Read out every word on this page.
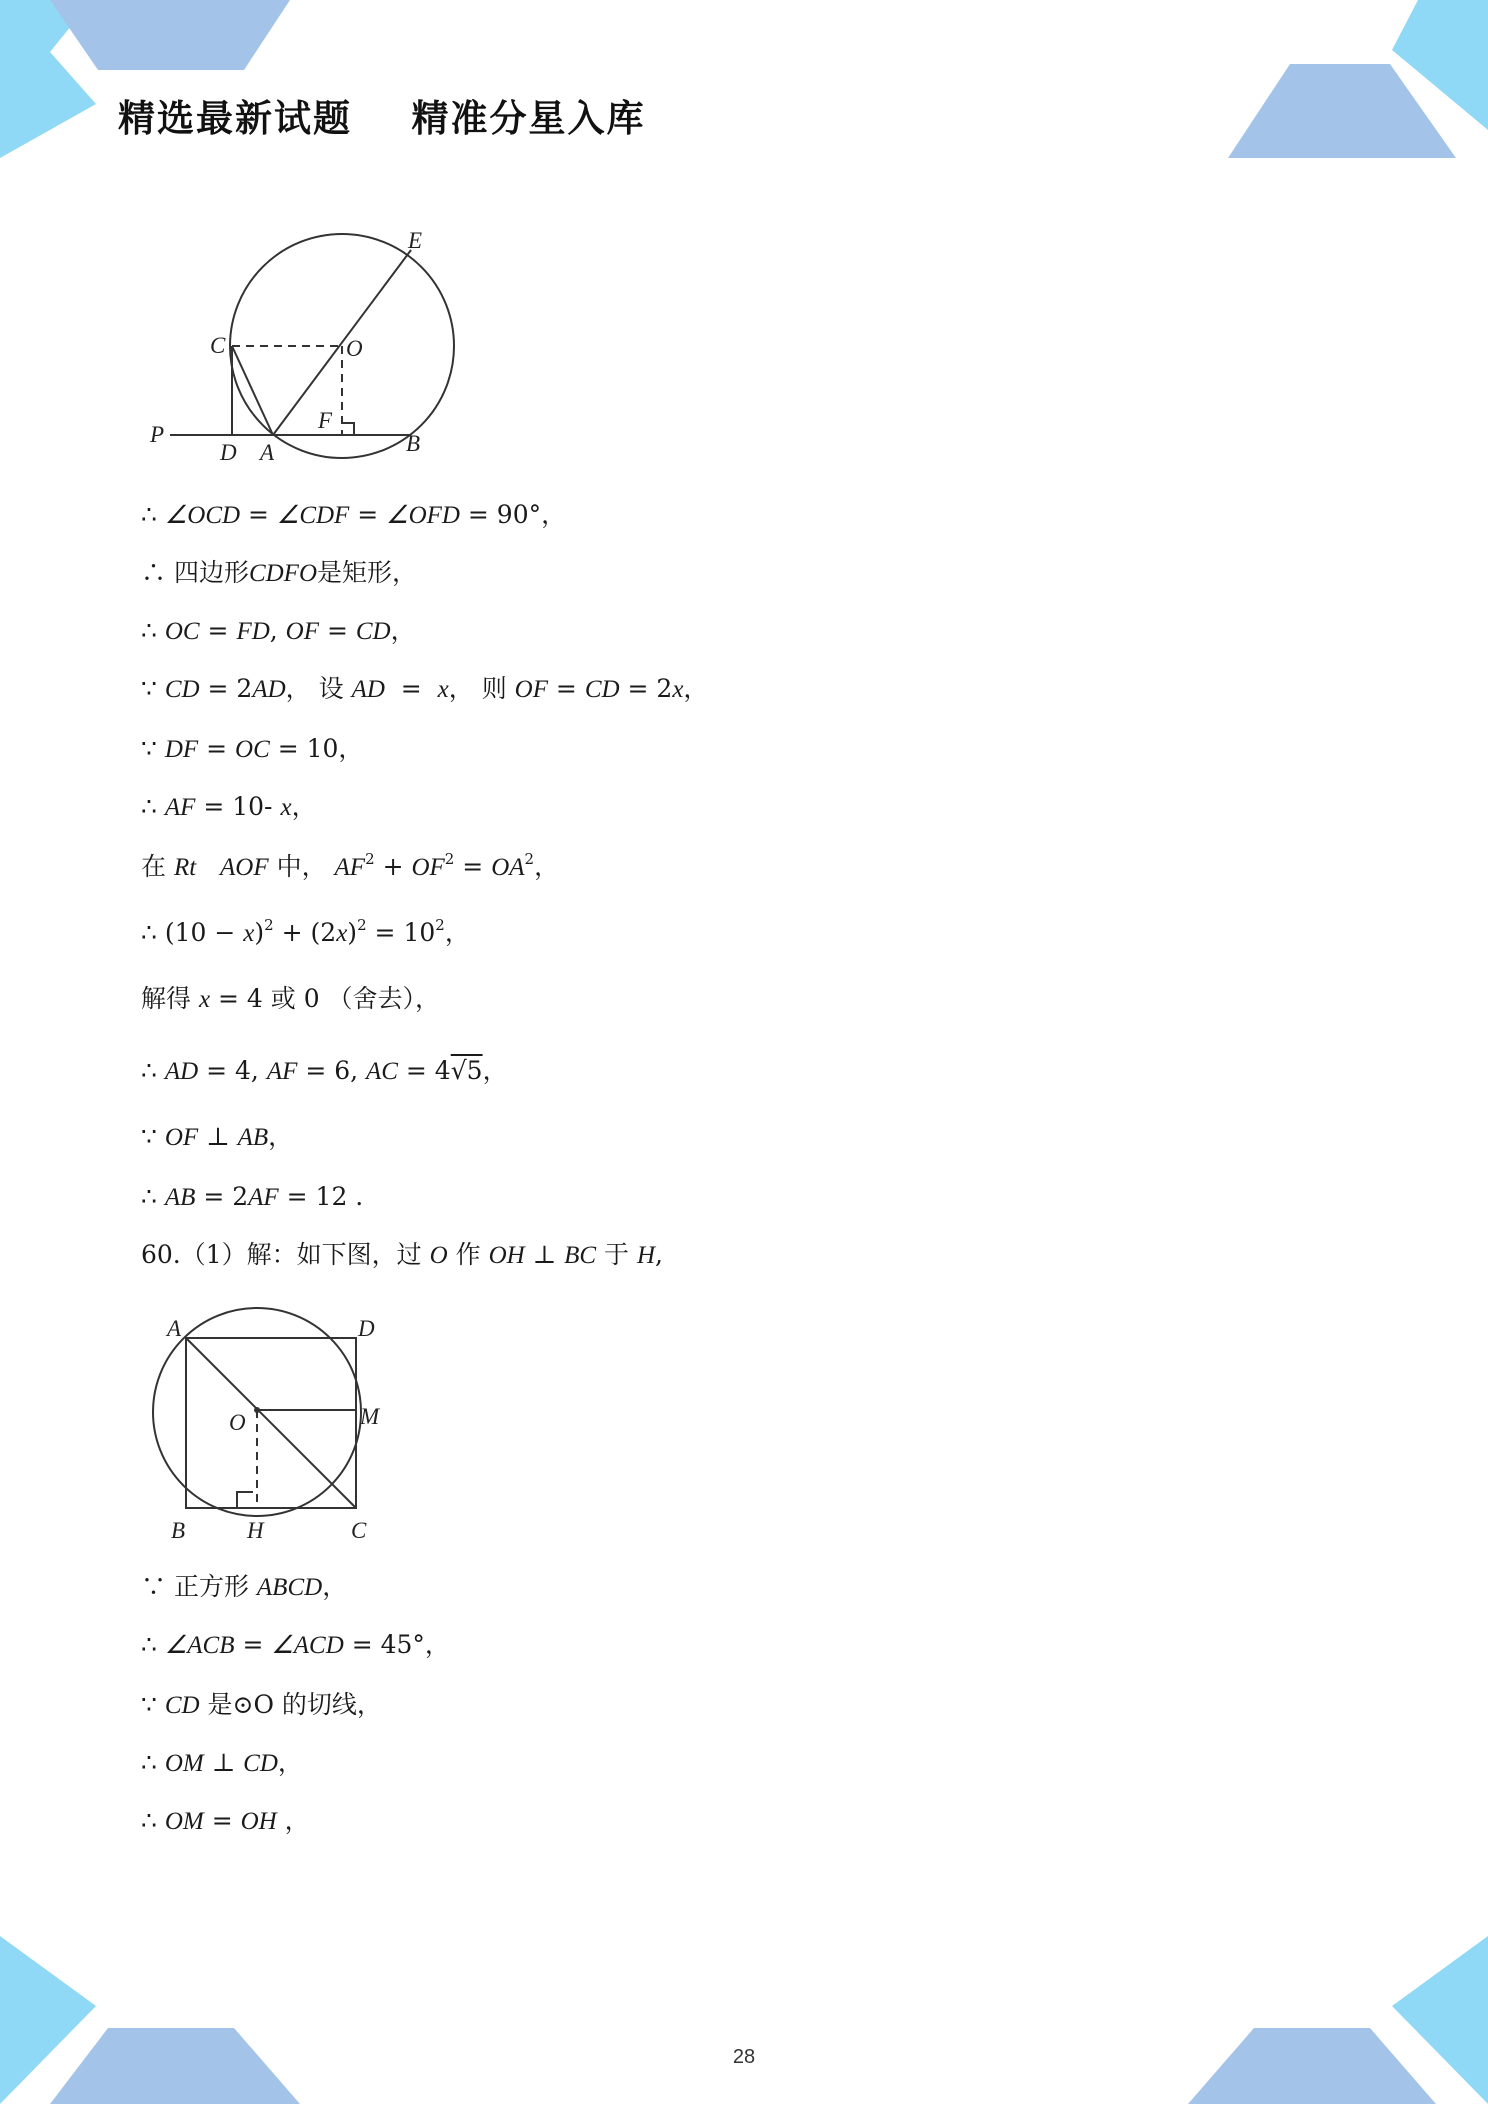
精选最新试题    精准分星入库
E
C	O
F
P
D A	B
∴ ∠OCD = ∠CDF = ∠OFD = 90°，
∴ 四边形CDFO是矩形，
∴ OC = FD, OF = CD，
∵ CD = 2AD， 设 AD  =  x， 则 OF = CD = 2x，
∵ DF = OC = 10，
∴ AF = 10- x，
在 Rt AOF 中， $AF^2 + OF^2 = OA^2$，
∴ $(10 - x)^2 + (2x)^2 = 10^2$，
解得 x = 4 或 0 （舍去），
∴ AD = 4, AF = 6, AC = 4√5，
∵ OF ⊥ AB，
∴ AB = 2AF = 12 .
60.（1）解：如下图，过 O 作 OH ⊥ BC 于 H,
A	D
O	M
B	H	C
∵ 正方形 ABCD，
∴ ∠ACB = ∠ACD = 45°，
∵ CD 是⊙O 的切线，
∴ OM ⊥ CD，
∴ OM = OH ，
28
